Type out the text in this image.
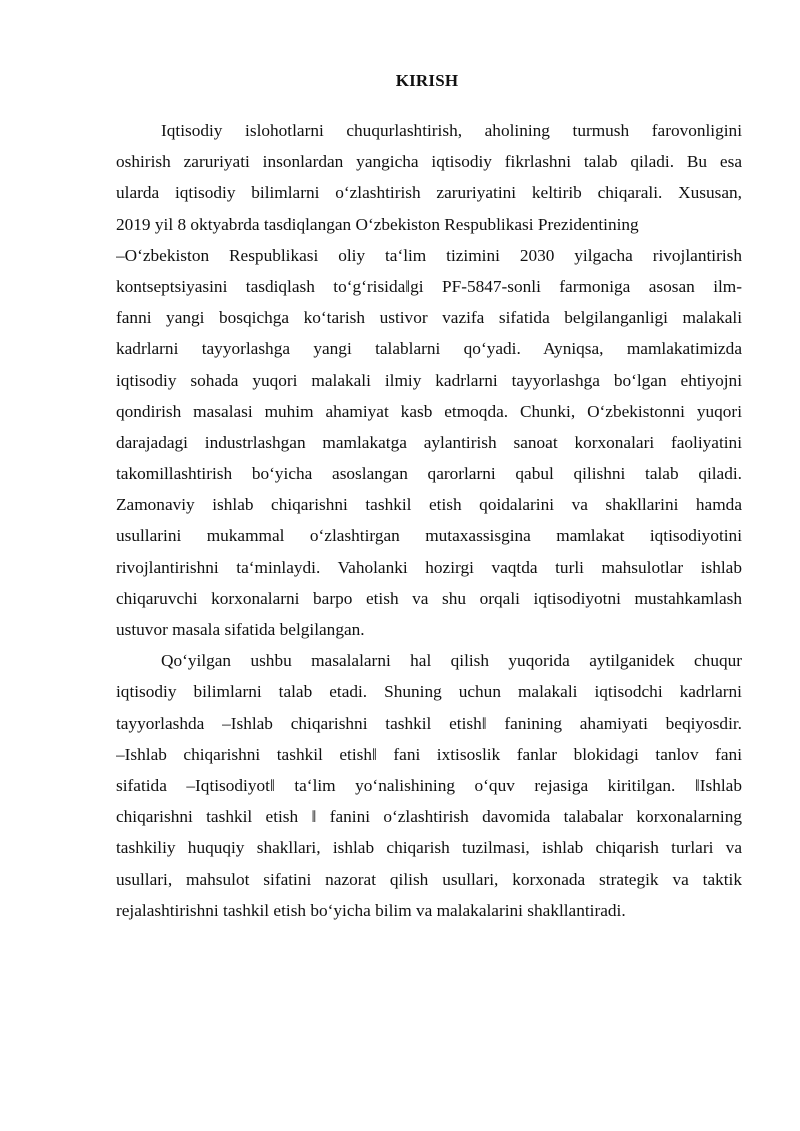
KIRISH
Iqtisodiy islohotlarni chuqurlashtirish, aholining turmush farovonligini
oshirish zaruriyati insonlardan yangicha iqtisodiy fikrlashni talab qiladi. Bu esa
ularda iqtisodiy bilimlarni o‘zlashtirish zaruriyatini keltirib chiqarali. Xususan,
2019 yil 8 oktyabrda tasdiqlangan O‘zbekiston Respublikasi Prezidentining
–O‘zbekiston Respublikasi oliy ta‘lim tizimini 2030 yilgacha rivojlantirish
kontseptsiyasini tasdiqlash to‘g‘risida‖gi PF-5847-sonli farmoniga asosan ilm-
fanni yangi bosqichga ko‘tarish ustivor vazifa sifatida belgilanganligi malakali
kadrlarni tayyorlashga yangi talablarni qo‘yadi. Ayniqsa, mamlakatimizda
iqtisodiy sohada yuqori malakali ilmiy kadrlarni tayyorlashga bo‘lgan ehtiyojni
qondirish masalasi muhim ahamiyat kasb etmoqda. Chunki, O‘zbekistonni yuqori
darajadagi industrlashgan mamlakatga aylantirish sanoat korxonalari faoliyatini
takomillashtirish bo‘yicha asoslangan qarorlarni qabul qilishni talab qiladi.
Zamonaviy ishlab chiqarishni tashkil etish qoidalarini va shakllarini hamda
usullarini mukammal o‘zlashtirgan mutaxassisgina mamlakat iqtisodiyotini
rivojlantirishni ta‘minlaydi. Vaholanki hozirgi vaqtda turli mahsulotlar ishlab
chiqaruvchi korxonalarni barpo etish va shu orqali iqtisodiyotni mustahkamlash
ustuvor masala sifatida belgilangan.
Qo‘yilgan ushbu masalalarni hal qilish yuqorida aytilganidek chuqur
iqtisodiy bilimlarni talab etadi. Shuning uchun malakali iqtisodchi kadrlarni
tayyorlashda –Ishlab chiqarishni tashkil etish‖ fanining ahamiyati beqiyosdir.
–Ishlab chiqarishni tashkil etish‖ fani ixtisoslik fanlar blokidagi tanlov fani
sifatida –Iqtisodiyot‖ ta‘lim yo‘nalishining o‘quv rejasiga kiritilgan. ‖Ishlab
chiqarishni tashkil etish ‖ fanini o‘zlashtirish davomida talabalar korxonalarning
tashkiliy huquqiy shakllari, ishlab chiqarish tuzilmasi, ishlab chiqarish turlari va
usullari, mahsulot sifatini nazorat qilish usullari, korxonada strategik va taktik
rejalashtirishni tashkil etish bo‘yicha bilim va malakalarini shakllantiradi.
